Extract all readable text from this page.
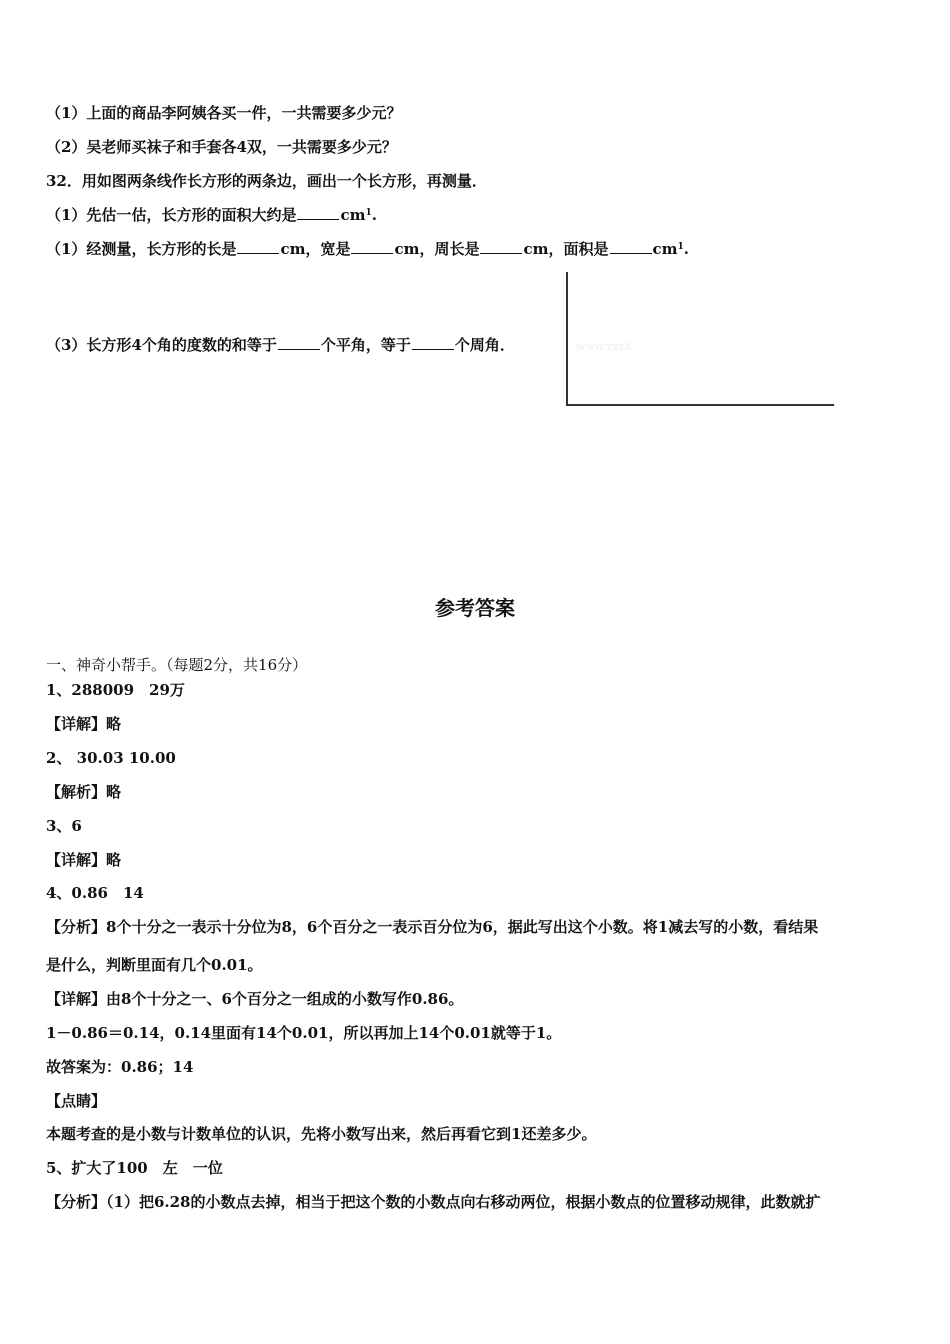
（1）上面的商品李阿姨各买一件，一共需要多少元？
（2）吴老师买袜子和手套各4双，一共需要多少元？
32．用如图两条线作长方形的两条边，画出一个长方形，再测量．
（1）先估一估，长方形的面积大约是	$cm^1$.
（1）经测量，长方形的长是	cm，宽是	cm，周长是	cm，面积是	$cm^1$.
（3）长方形4个角的度数的和等于	个平角，等于	个周角．	www.zxxk
参考答案
一、神奇小帮手。（每题2分，共16分）
1、288009　29万
【详解】略
2、 30.03 10.00
【解析】略
3、6
【详解】略
4、0.86　14
【分析】8个十分之一表示十分位为8，6个百分之一表示百分位为6，据此写出这个小数。将1减去写的小数，看结果
是什么，判断里面有几个0.01。
【详解】由8个十分之一、6个百分之一组成的小数写作0.86。
1－0.86＝0.14，0.14里面有14个0.01，所以再加上14个0.01就等于1。
故答案为：0.86；14
【点睛】
本题考查的是小数与计数单位的认识，先将小数写出来，然后再看它到1还差多少。
5、扩大了100　左　一位
【分析】（1）把6.28的小数点去掉，相当于把这个数的小数点向右移动两位，根据小数点的位置移动规律，此数就扩
